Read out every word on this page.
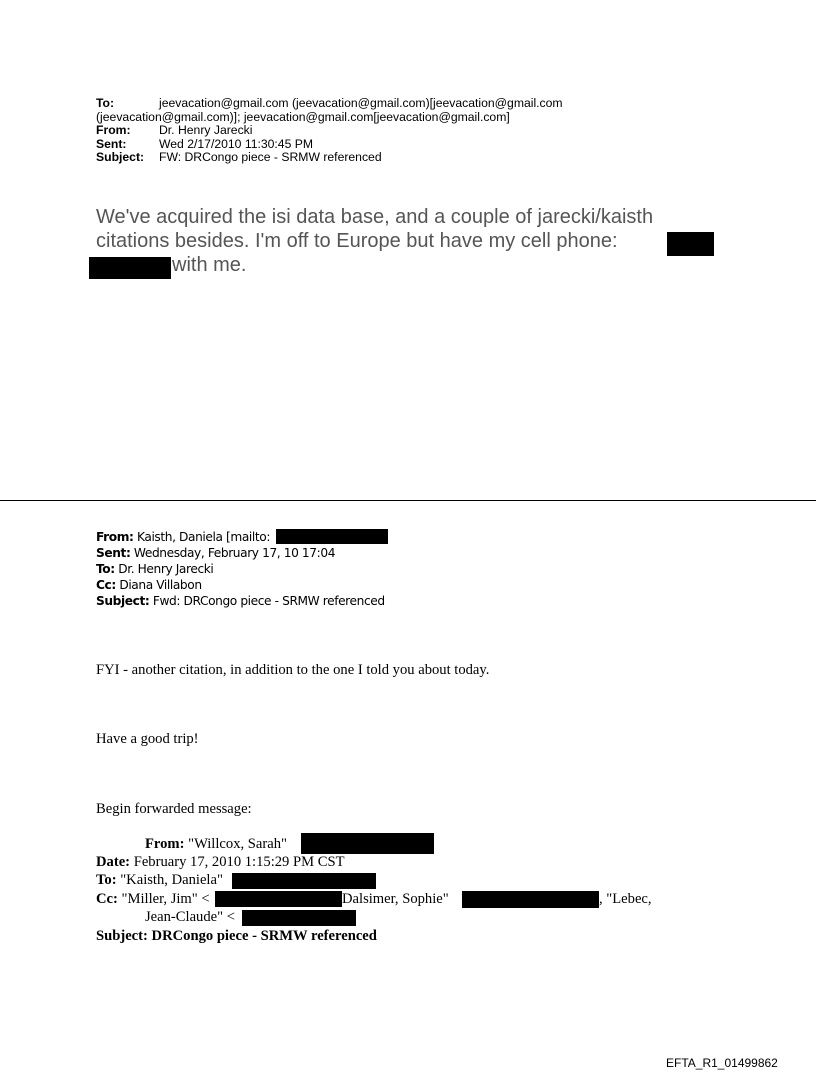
To:	jeevacation@gmail.com (jeevacation@gmail.com)[jeevacation@gmail.com
(jeevacation@gmail.com)]; jeevacation@gmail.com[jeevacation@gmail.com]
From: Dr. Henry Jarecki
Sent:	Wed 2/17/2010 11:30:45 PM
Subject: FW: DRCongo piece - SRMW referenced
We've acquired the isi data base, and a couple of jarecki/kaisth
citations besides. I'm off to Europe but have my cell phone:
with me.
From: Kaisth, Daniela [mailto:
Sent: Wednesday, February 17, 10 17:04
To: Dr. Henry Jarecki
Cc: Diana Villabon
Subject: Fwd: DRCongo piece - SRMW referenced
FYI - another citation, in addition to the one I told you about today.
Have a good trip!
Begin forwarded message:
From: "Willcox, Sarah"
Date: February 17, 2010 1:15:29 PM CST
To: "Kaisth, Daniela"
Cc: "Miller, Jim" <	Dalsimer, Sophie"	, "Lebec,
Jean-Claude" <
Subject: DRCongo piece - SRMW referenced
EFTA_R1_01499862
